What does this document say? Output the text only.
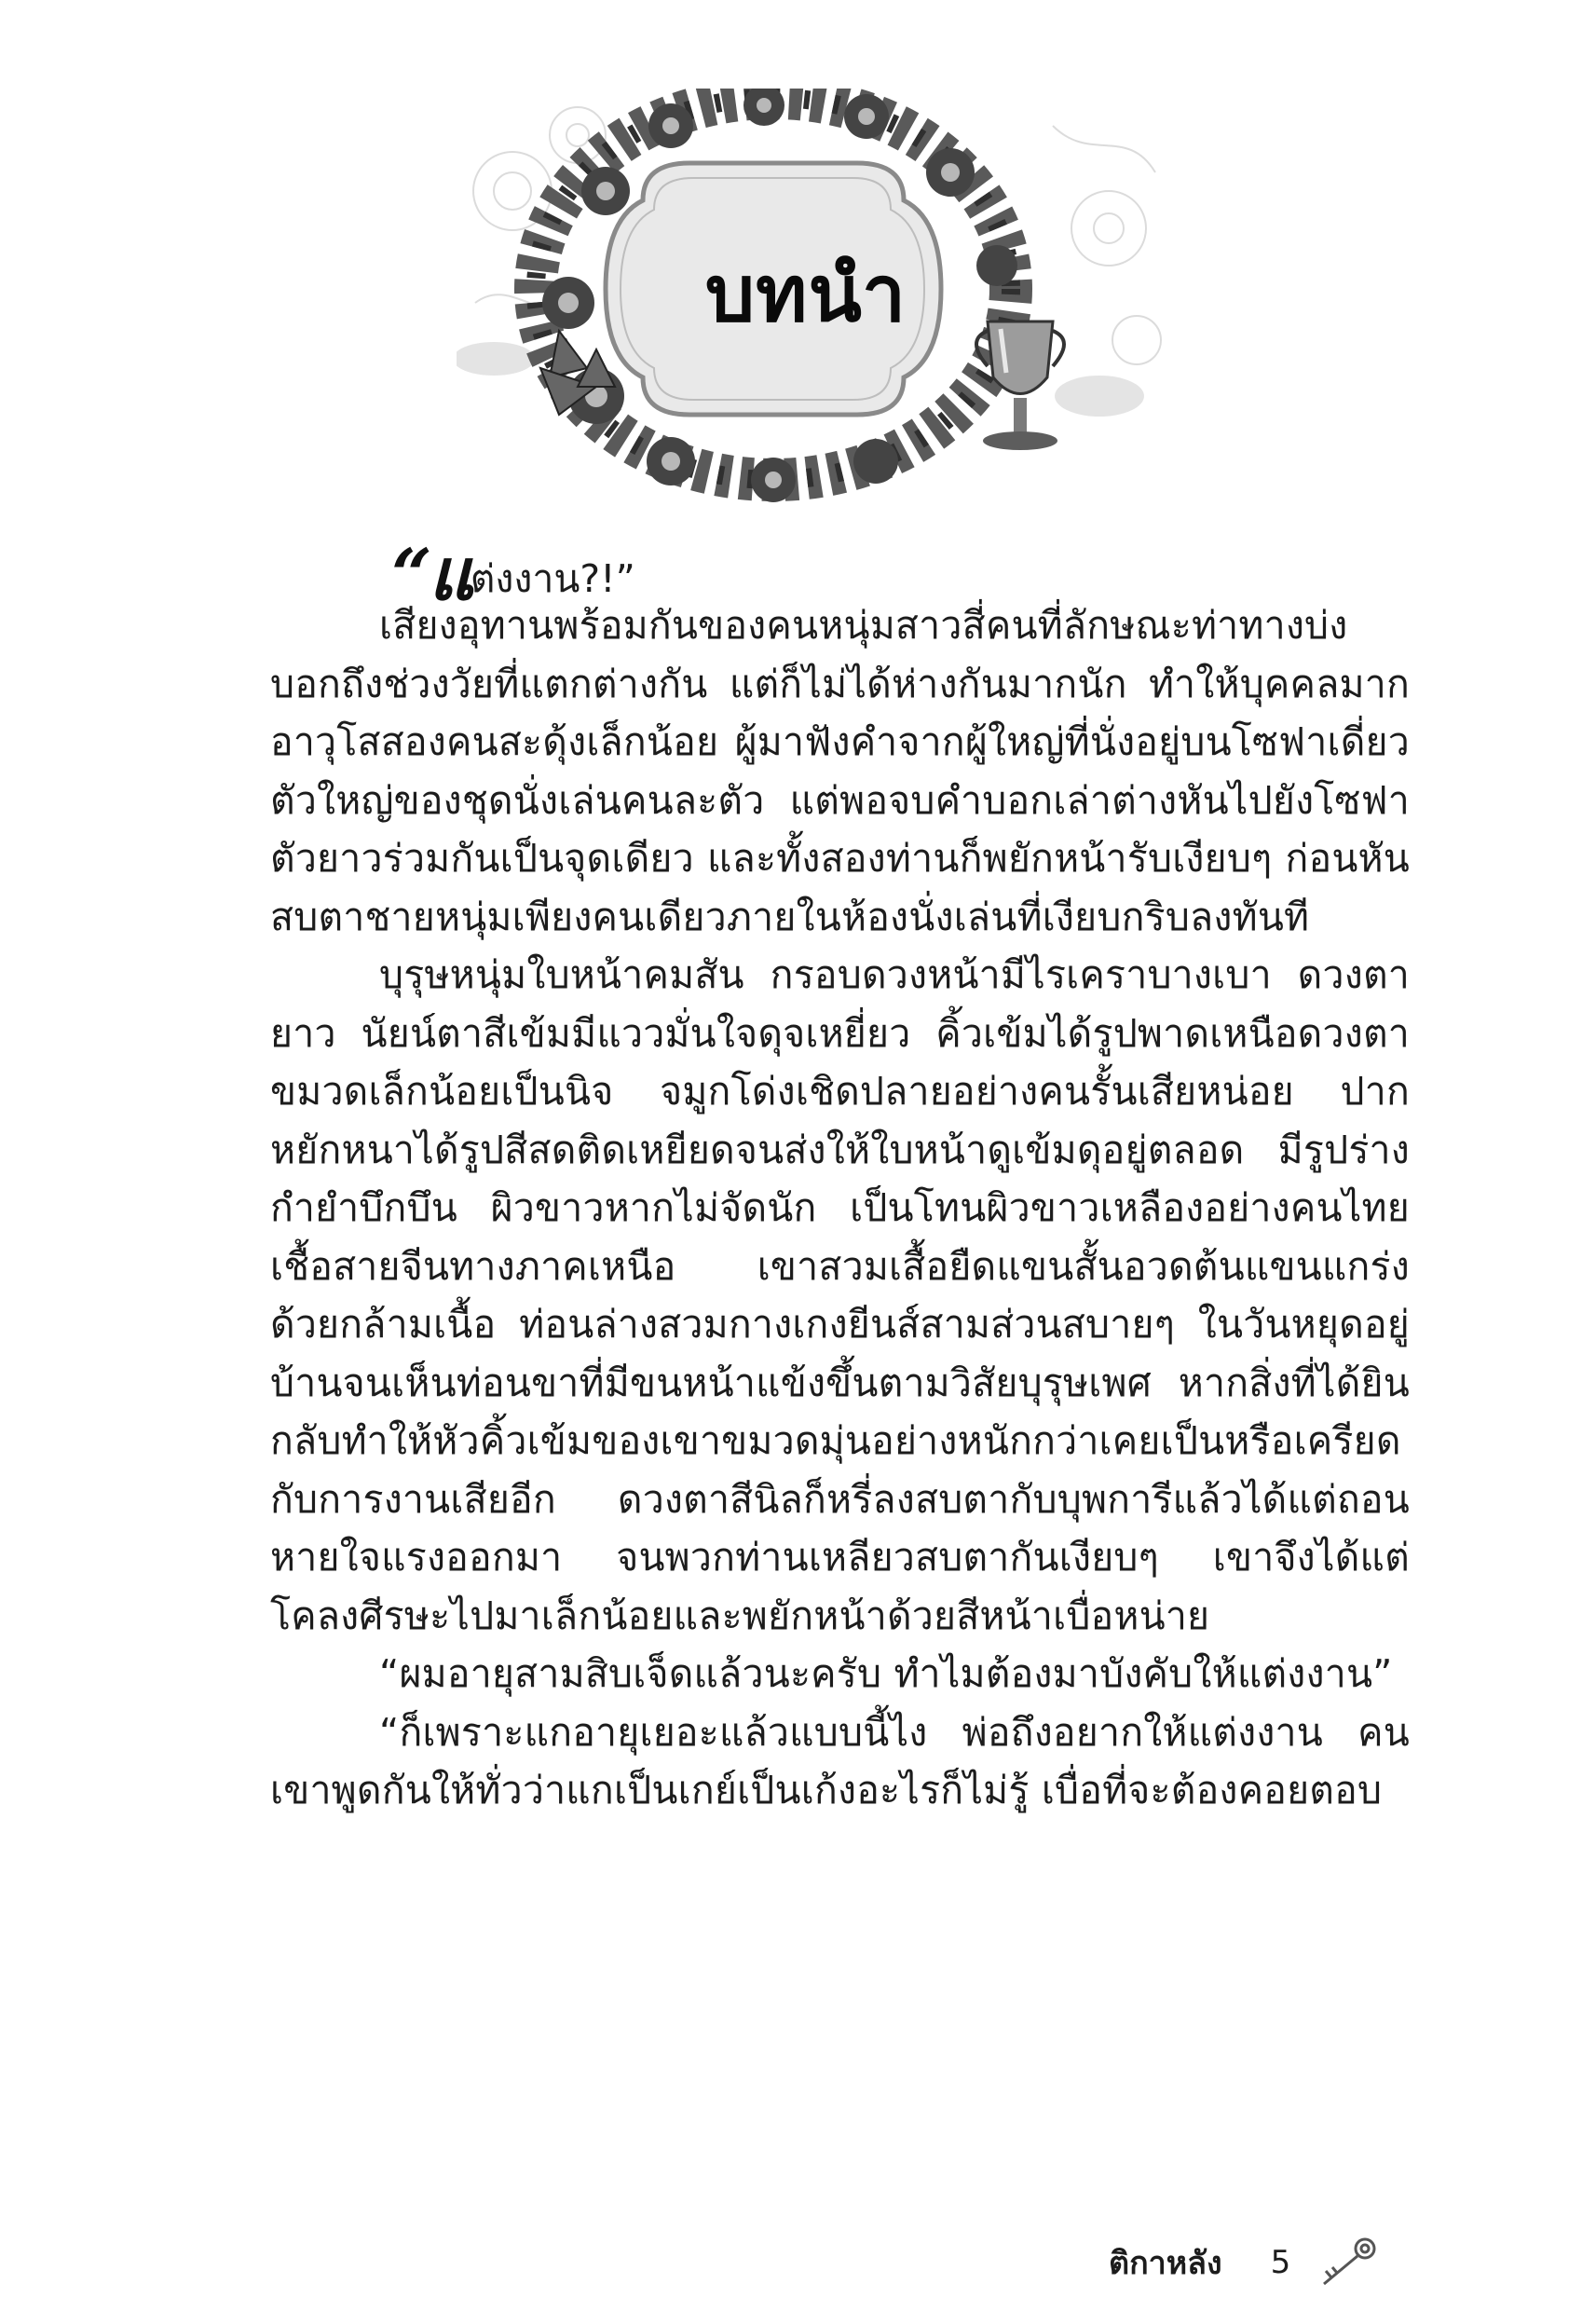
บทนำ
“แต่งงาน?!”

เสียงอุทานพร้อมกันของคนหนุ่มสาวสี่คนที่ลักษณะท่าทางบ่งบอกถึงช่วงวัยที่แตกต่างกัน แต่ก็ไม่ได้ห่างกันมากนัก ทำให้บุคคลมากอาวุโสสองคนสะดุ้งเล็กน้อย ผู้มาฟังคำจากผู้ใหญ่ที่นั่งอยู่บนโซฟาเดี่ยวตัวใหญ่ของชุดนั่งเล่นคนละตัว แต่พอจบคำบอกเล่าต่างหันไปยังโซฟาตัวยาวร่วมกันเป็นจุดเดียว และทั้งสองท่านก็พยักหน้ารับเงียบๆ ก่อนหันสบตาชายหนุ่มเพียงคนเดียวภายในห้องนั่งเล่นที่เงียบกริบลงทันที

บุรุษหนุ่มใบหน้าคมสัน กรอบดวงหน้ามีไรเคราบางเบา ดวงตายาว นัยน์ตาสีเข้มมีแววมั่นใจดุจเหยี่ยว คิ้วเข้มได้รูปพาดเหนือดวงตาขมวดเล็กน้อยเป็นนิจ จมูกโด่งเชิดปลายอย่างคนรั้นเสียหน่อย ปากหยักหนาได้รูปสีสดติดเหยียดจนส่งให้ใบหน้าดูเข้มดุอยู่ตลอด มีรูปร่างกำยำบึกบึน ผิวขาวหากไม่จัดนัก เป็นโทนผิวขาวเหลืองอย่างคนไทยเชื้อสายจีนทางภาคเหนือ เขาสวมเสื้อยืดแขนสั้นอวดต้นแขนแกร่งด้วยกล้ามเนื้อ ท่อนล่างสวมกางเกงยีนส์สามส่วนสบายๆ ในวันหยุดอยู่บ้านจนเห็นท่อนขาที่มีขนหน้าแข้งขึ้นตามวิสัยบุรุษเพศ หากสิ่งที่ได้ยินกลับทำให้หัวคิ้วเข้มของเขาขมวดมุ่นอย่างหนักกว่าเคยเป็นหรือเครียดกับการงานเสียอีก ดวงตาสีนิลก็หรี่ลงสบตากับบุพการีแล้วได้แต่ถอนหายใจแรงออกมา จนพวกท่านเหลียวสบตากันเงียบๆ เขาจึงได้แต่โคลงศีรษะไปมาเล็กน้อยและพยักหน้าด้วยสีหน้าเบื่อหน่าย

“ผมอายุสามสิบเจ็ดแล้วนะครับ ทำไมต้องมาบังคับให้แต่งงาน”

“ก็เพราะแกอายุเยอะแล้วแบบนี้ไง พ่อถึงอยากให้แต่งงาน คนเขาพูดกันให้ทั่วว่าแกเป็นเกย์เป็นเก้งอะไรก็ไม่รู้ เบื่อที่จะต้องคอยตอบ

ติกาหลัง 5
